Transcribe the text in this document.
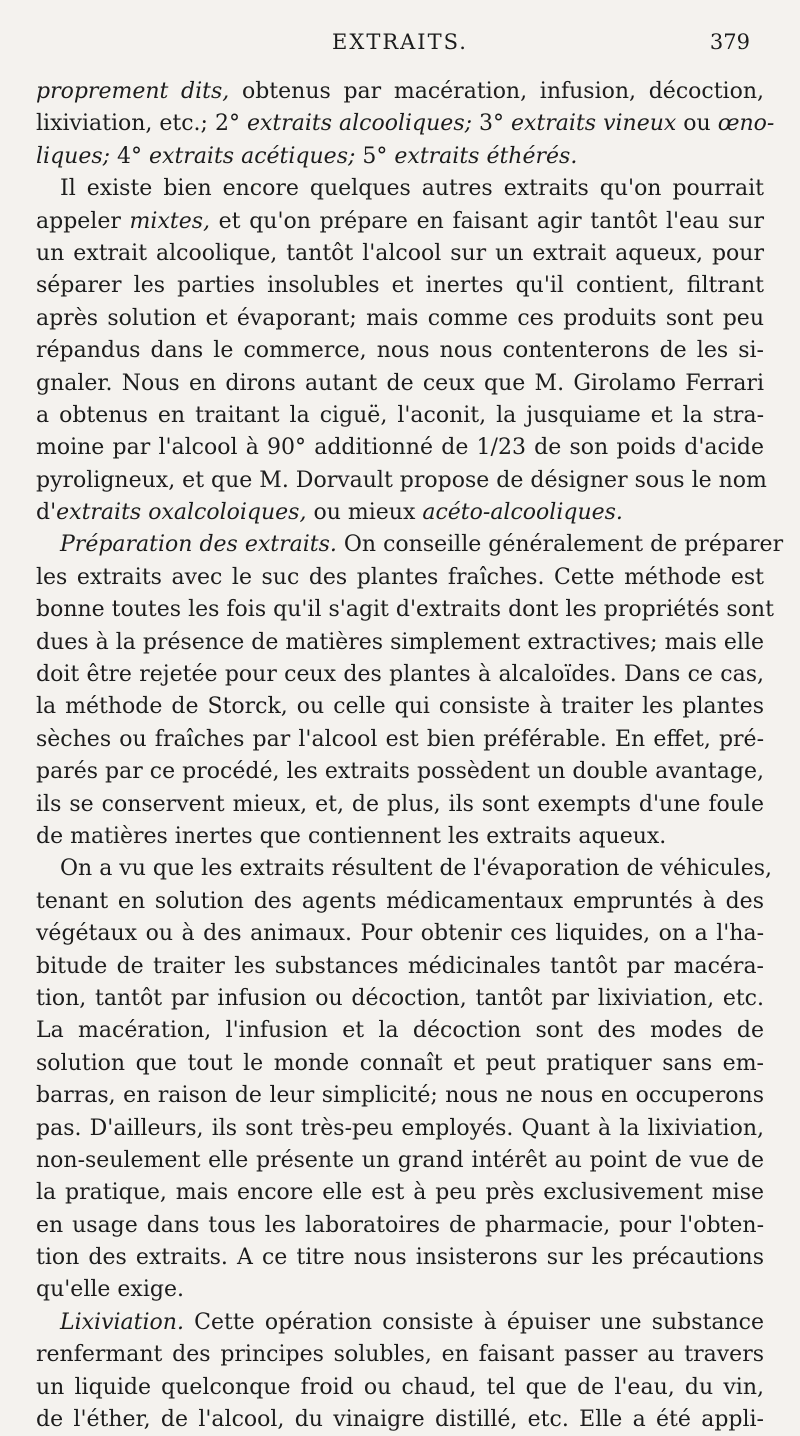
EXTRAITS.	379
proprement dits, obtenus par macération, infusion, décoction,
lixiviation, etc.; 2° extraits alcooliques; 3° extraits vineux ou œno-
liques; 4° extraits acétiques; 5° extraits éthérés.
Il existe bien encore quelques autres extraits qu'on pourrait
appeler mixtes, et qu'on prépare en faisant agir tantôt l'eau sur
un extrait alcoolique, tantôt l'alcool sur un extrait aqueux, pour
séparer les parties insolubles et inertes qu'il contient, filtrant
après solution et évaporant; mais comme ces produits sont peu
répandus dans le commerce, nous nous contenterons de les si-
gnaler. Nous en dirons autant de ceux que M. Girolamo Ferrari
a obtenus en traitant la ciguë, l'aconit, la jusquiame et la stra-
moine par l'alcool à 90° additionné de 1/23 de son poids d'acide
pyroligneux, et que M. Dorvault propose de désigner sous le nom
d'extraits oxalcoloiques, ou mieux acéto-alcooliques.
Préparation des extraits. On conseille généralement de préparer
les extraits avec le suc des plantes fraîches. Cette méthode est
bonne toutes les fois qu'il s'agit d'extraits dont les propriétés sont
dues à la présence de matières simplement extractives; mais elle
doit être rejetée pour ceux des plantes à alcaloïdes. Dans ce cas,
la méthode de Storck, ou celle qui consiste à traiter les plantes
sèches ou fraîches par l'alcool est bien préférable. En effet, pré-
parés par ce procédé, les extraits possèdent un double avantage,
ils se conservent mieux, et, de plus, ils sont exempts d'une foule
de matières inertes que contiennent les extraits aqueux.
On a vu que les extraits résultent de l'évaporation de véhicules,
tenant en solution des agents médicamentaux empruntés à des
végétaux ou à des animaux. Pour obtenir ces liquides, on a l'ha-
bitude de traiter les substances médicinales tantôt par macéra-
tion, tantôt par infusion ou décoction, tantôt par lixiviation, etc.
La macération, l'infusion et la décoction sont des modes de
solution que tout le monde connaît et peut pratiquer sans em-
barras, en raison de leur simplicité; nous ne nous en occuperons
pas. D'ailleurs, ils sont très-peu employés. Quant à la lixiviation,
non-seulement elle présente un grand intérêt au point de vue de
la pratique, mais encore elle est à peu près exclusivement mise
en usage dans tous les laboratoires de pharmacie, pour l'obten-
tion des extraits. A ce titre nous insisterons sur les précautions
qu'elle exige.
Lixiviation. Cette opération consiste à épuiser une substance
renfermant des principes solubles, en faisant passer au travers
un liquide quelconque froid ou chaud, tel que de l'eau, du vin,
de l'éther, de l'alcool, du vinaigre distillé, etc. Elle a été appli-
